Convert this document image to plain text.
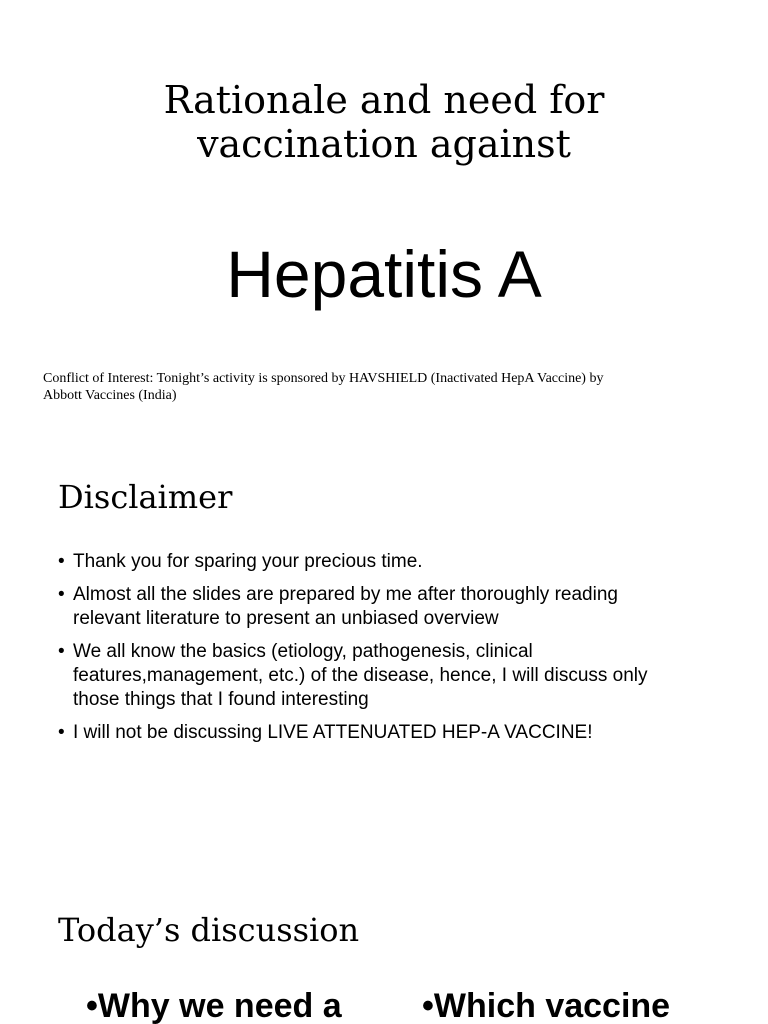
Rationale and need for
vaccination against
Hepatitis A
Conflict of Interest: Tonight’s activity is sponsored by HAVSHIELD (Inactivated HepA Vaccine) by
Abbott Vaccines (India)
Disclaimer
• Thank you for sparing your precious time.
• Almost all the slides are prepared by me after thoroughly reading
relevant literature to present an unbiased overview
• We all know the basics (etiology, pathogenesis, clinical
features,management, etc.) of the disease, hence, I will discuss only
those things that I found interesting
• I will not be discussing LIVE ATTENUATED HEP-A VACCINE!
Today’s discussion
•Why we need a •Which vaccine
